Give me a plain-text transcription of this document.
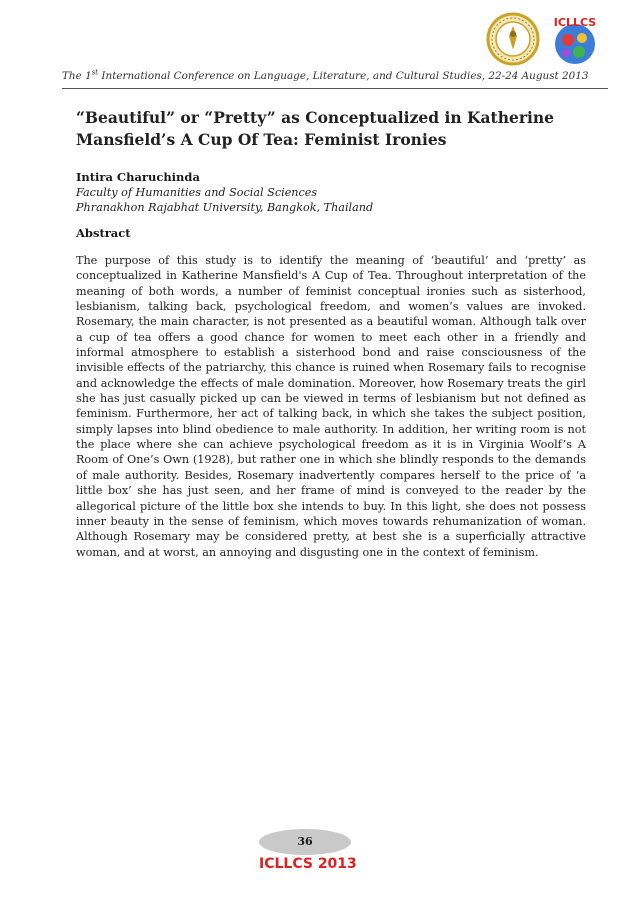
ICLLCS
The 1st International Conference on Language, Literature, and Cultural Studies, 22-24 August 2013
“Beautiful” or “Pretty” as Conceptualized in Katherine Mansfield’s A Cup Of Tea: Feminist Ironies
Intira Charuchinda
Faculty of Humanities and Social Sciences
Phranakhon Rajabhat University, Bangkok, Thailand
Abstract
The purpose of this study is to identify the meaning of ‘beautiful’ and ‘pretty’ as conceptualized in Katherine Mansfield's A Cup of Tea. Throughout interpretation of the meaning of both words, a number of feminist conceptual ironies such as sisterhood, lesbianism, talking back, psychological freedom, and women’s values are invoked. Rosemary, the main character, is not presented as a beautiful woman. Although talk over a cup of tea offers a good chance for women to meet each other in a friendly and informal atmosphere to establish a sisterhood bond and raise consciousness of the invisible effects of the patriarchy, this chance is ruined when Rosemary fails to recognise and acknowledge the effects of male domination. Moreover, how Rosemary treats the girl she has just casually picked up can be viewed in terms of lesbianism but not defined as feminism. Furthermore, her act of talking back, in which she takes the subject position, simply lapses into blind obedience to male authority. In addition, her writing room is not the place where she can achieve psychological freedom as it is in Virginia Woolf’s A Room of One’s Own (1928), but rather one in which she blindly responds to the demands of male authority. Besides, Rosemary inadvertently compares herself to the price of ‘a little box’ she has just seen, and her frame of mind is conveyed to the reader by the allegorical picture of the little box she intends to buy. In this light, she does not possess inner beauty in the sense of feminism, which moves towards rehumanization of woman. Although Rosemary may be considered pretty, at best she is a superficially attractive woman, and at worst, an annoying and disgusting one in the context of feminism.
36
ICLLCS 2013
